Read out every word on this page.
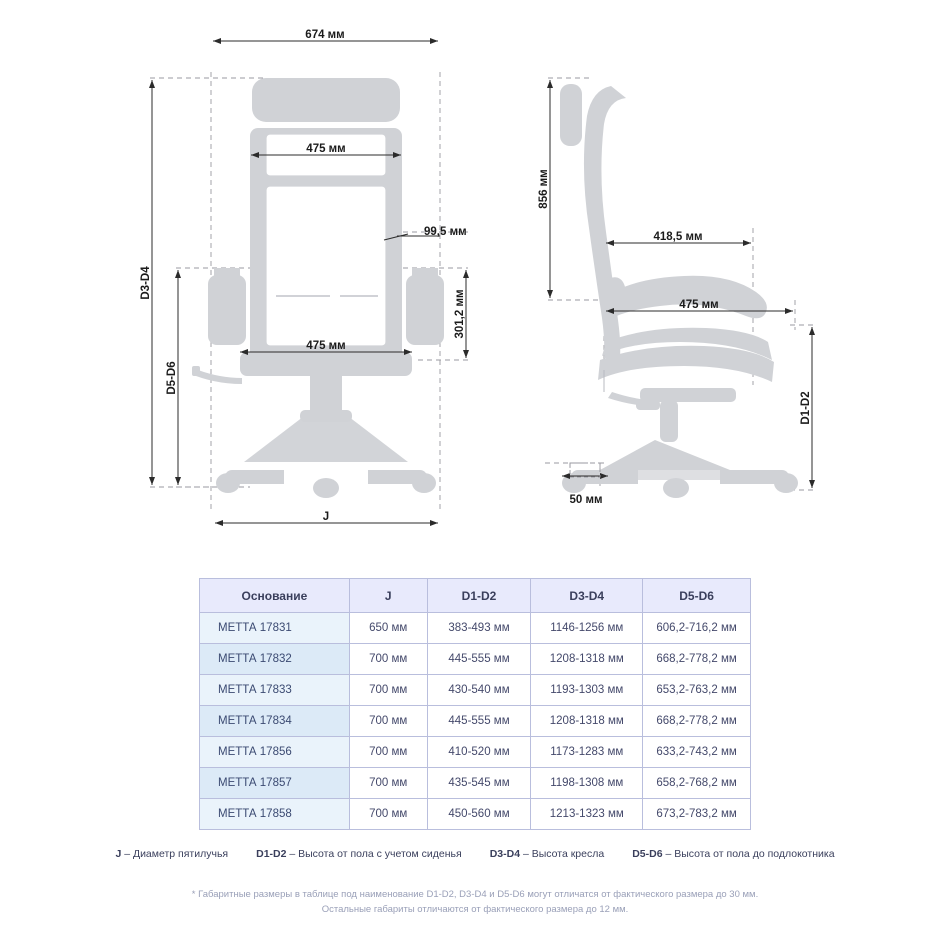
674 мм
475 мм
475 мм
J
99,5 мм
D3-D4
D5-D6
301,2 мм
856 мм
418,5 мм
475 мм
D1-D2
50 мм
Основание	J	D1-D2	D3-D4	D5-D6
МЕТТА 17831	650 мм	383-493 мм	1146-1256 мм	606,2-716,2 мм
МЕТТА 17832	700 мм	445-555 мм	1208-1318 мм	668,2-778,2 мм
МЕТТА 17833	700 мм	430-540 мм	1193-1303 мм	653,2-763,2 мм
МЕТТА 17834	700 мм	445-555 мм	1208-1318 мм	668,2-778,2 мм
МЕТТА 17856	700 мм	410-520 мм	1173-1283 мм	633,2-743,2 мм
МЕТТА 17857	700 мм	435-545 мм	1198-1308 мм	658,2-768,2 мм
МЕТТА 17858	700 мм	450-560 мм	1213-1323 мм	673,2-783,2 мм
J – Диаметр пятилучья	D1-D2 – Высота от пола с учетом сиденья	D3-D4 – Высота кресла	D5-D6 – Высота от пола до подлокотника
* Габаритные размеры в таблице под наименование D1-D2, D3-D4 и D5-D6 могут отличатся от фактического размера до 30 мм.
Остальные габариты отличаются от фактического размера до 12 мм.
